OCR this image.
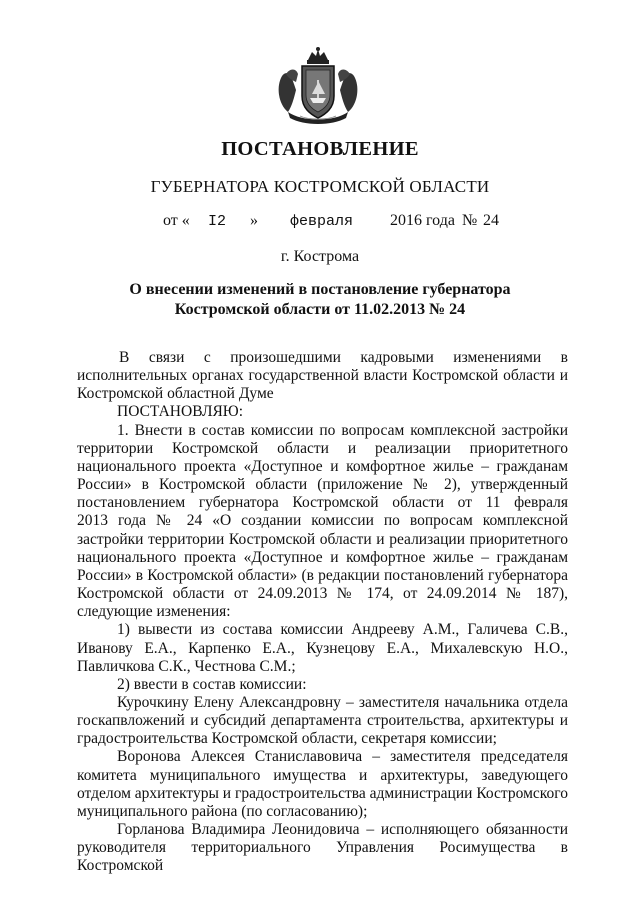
ПОСТАНОВЛЕНИЕ
ГУБЕРНАТОРА КОСТРОМСКОЙ ОБЛАСТИ
от « I2 » февраля 2016 года № 24
г. Кострома
О внесении изменений в постановление губернатора
Костромской области от 11.02.2013 № 24

В связи с произошедшими кадровыми изменениями в

исполнительных органах государственной власти Костромской области и

Костромской областной Думе

ПОСТАНОВЛЯЮ:

1. Внести в состав комиссии по вопросам комплексной застройки

территории Костромской области и реализации приоритетного

национального проекта «Доступное и комфортное жилье – гражданам

России» в Костромской области (приложение № 2), утвержденный

постановлением губернатора Костромской области от 11 февраля

2013 года № 24 «О создании комиссии по вопросам комплексной

застройки территории Костромской области и реализации приоритетного

национального проекта «Доступное и комфортное жилье – гражданам

России» в Костромской области» (в редакции постановлений губернатора

Костромской области от 24.09.2013 № 174, от 24.09.2014 № 187),

следующие изменения:

1) вывести из состава комиссии Андрееву А.М., Галичева С.В.,

Иванову Е.А., Карпенко Е.А., Кузнецову Е.А., Михалевскую Н.О.,

Павличкова С.К., Честнова С.М.;

2) ввести в состав комиссии:

Курочкину Елену Александровну – заместителя начальника отдела

госкапвложений и субсидий департамента строительства, архитектуры и

градостроительства Костромской области, секретаря комиссии;

Воронова Алексея Станиславовича – заместителя председателя

комитета муниципального имущества и архитектуры, заведующего

отделом архитектуры и градостроительства администрации Костромского

муниципального района (по согласованию);

Горланова Владимира Леонидовича – исполняющего обязанности

руководителя территориального Управления Росимущества в Костромской
